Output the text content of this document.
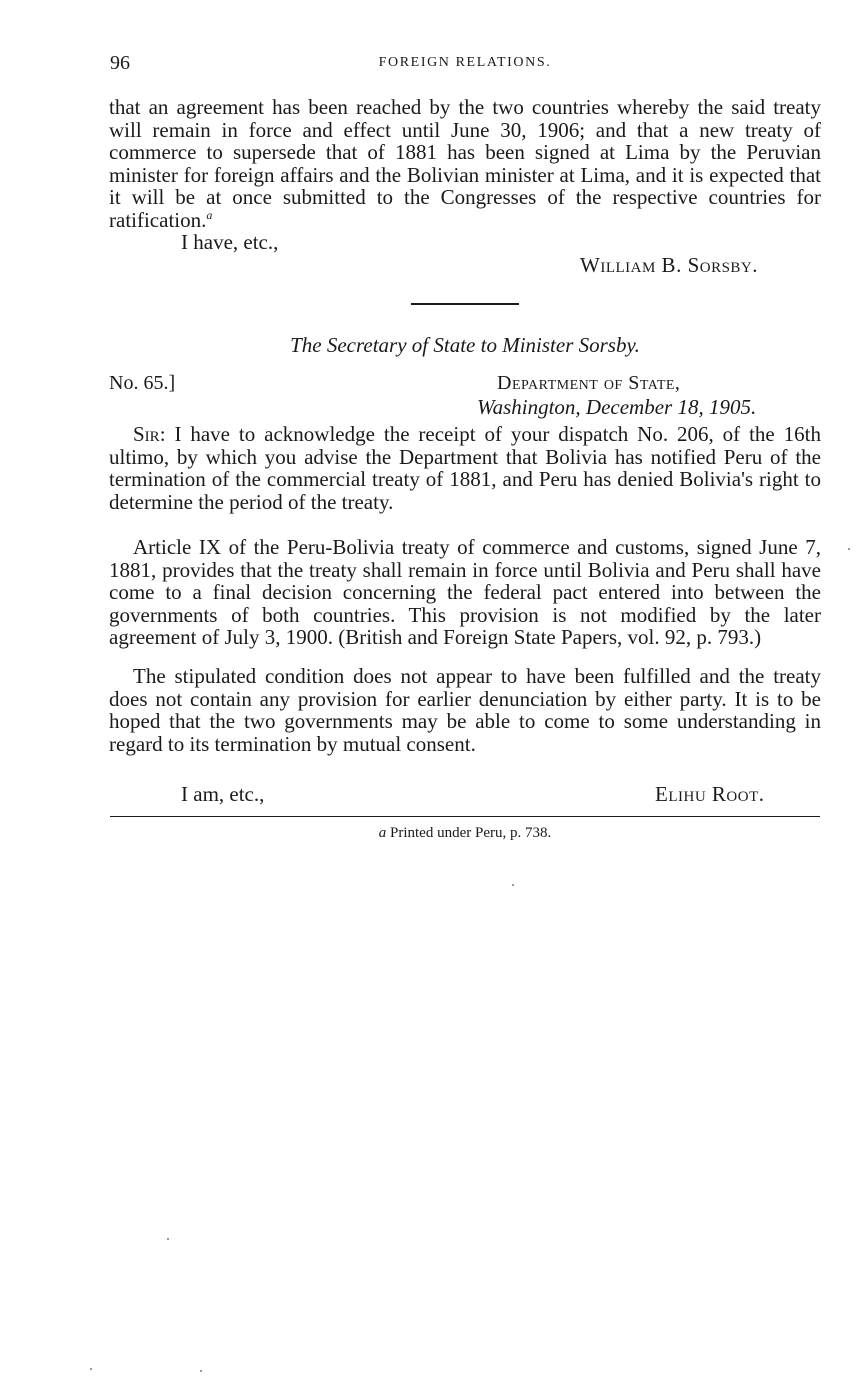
96	FOREIGN RELATIONS.

that an agreement has been reached by the two countries whereby the said treaty will remain in force and effect until June 30, 1906; and that a new treaty of commerce to supersede that of 1881 has been signed at Lima by the Peruvian minister for foreign affairs and the Bolivian minister at Lima, and it is expected that it will be at once submitted to the Congresses of the respective countries for ratification.$^a$

I have, etc.,
William B. Sorsby.
The Secretary of State to Minister Sorsby.
No. 65.]	Department of State,
Washington, December 18, 1905.

Sir: I have to acknowledge the receipt of your dispatch No. 206, of the 16th ultimo, by which you advise the Department that Bolivia has notified Peru of the termination of the commercial treaty of 1881, and Peru has denied Bolivia's right to determine the period of the treaty.

Article IX of the Peru-Bolivia treaty of commerce and customs, signed June 7, 1881, provides that the treaty shall remain in force until Bolivia and Peru shall have come to a final decision concerning the federal pact entered into between the governments of both countries. This provision is not modified by the later agreement of July 3, 1900. (British and Foreign State Papers, vol. 92, p. 793.)

The stipulated condition does not appear to have been fulfilled and the treaty does not contain any provision for earlier denunciation by either party. It is to be hoped that the two governments may be able to come to some understanding in regard to its termination by mutual consent.

I am, etc.,	Elihu Root.
a Printed under Peru, p. 738.
